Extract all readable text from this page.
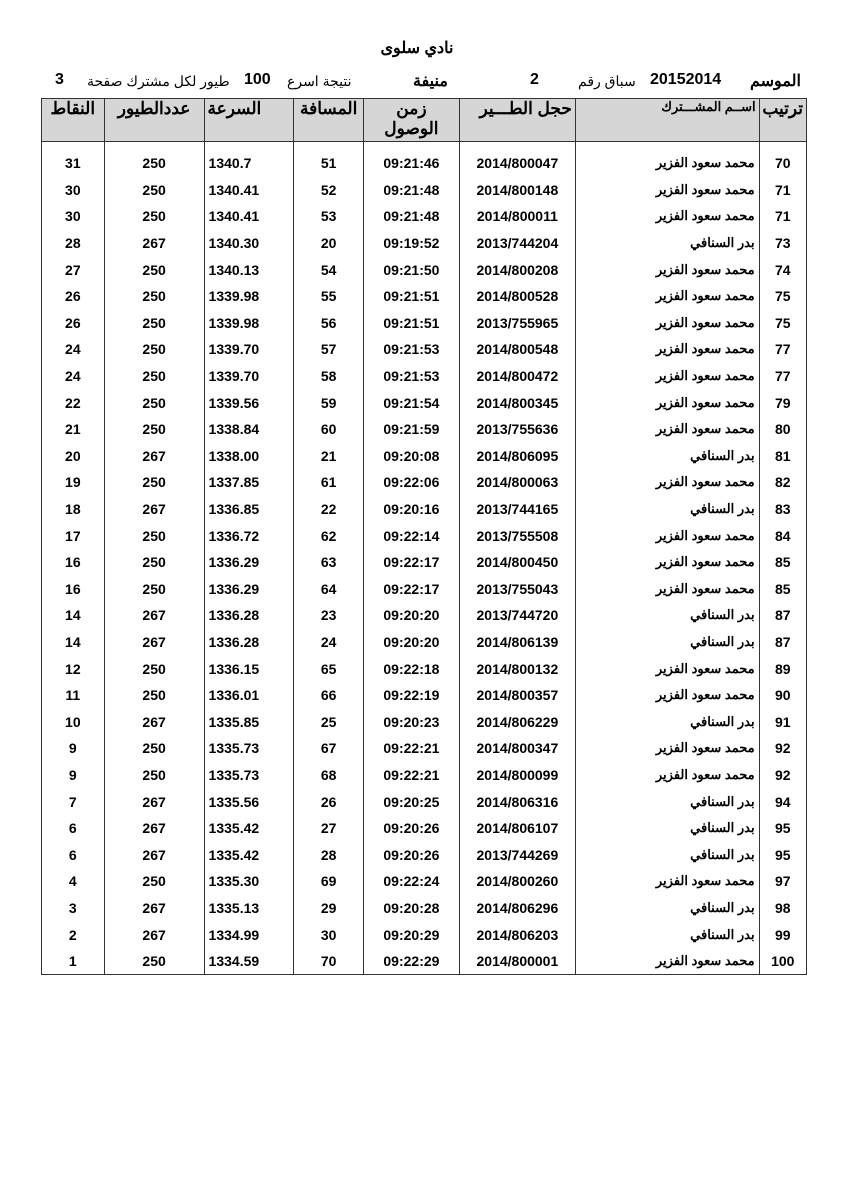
نادي سلوى
الموسم
20152014
سباق رقم
2
منيفة
نتيجة اسرع
100
طيور لكل مشترك صفحة
3
ترتيب	اســم المشـــترك	حجل الطـــير	زمن الوصول	المسافة	السرعة	عددالطيور	النقاط

70	محمد سعود الفزير	2014/800047	09:21:46	51	1340.7	250	31
71	محمد سعود الفزير	2014/800148	09:21:48	52	1340.41	250	30
71	محمد سعود الفزير	2014/800011	09:21:48	53	1340.41	250	30
73	بدر السنافي	2013/744204	09:19:52	20	1340.30	267	28
74	محمد سعود الفزير	2014/800208	09:21:50	54	1340.13	250	27
75	محمد سعود الفزير	2014/800528	09:21:51	55	1339.98	250	26
75	محمد سعود الفزير	2013/755965	09:21:51	56	1339.98	250	26
77	محمد سعود الفزير	2014/800548	09:21:53	57	1339.70	250	24
77	محمد سعود الفزير	2014/800472	09:21:53	58	1339.70	250	24
79	محمد سعود الفزير	2014/800345	09:21:54	59	1339.56	250	22
80	محمد سعود الفزير	2013/755636	09:21:59	60	1338.84	250	21
81	بدر السنافي	2014/806095	09:20:08	21	1338.00	267	20
82	محمد سعود الفزير	2014/800063	09:22:06	61	1337.85	250	19
83	بدر السنافي	2013/744165	09:20:16	22	1336.85	267	18
84	محمد سعود الفزير	2013/755508	09:22:14	62	1336.72	250	17
85	محمد سعود الفزير	2014/800450	09:22:17	63	1336.29	250	16
85	محمد سعود الفزير	2013/755043	09:22:17	64	1336.29	250	16
87	بدر السنافي	2013/744720	09:20:20	23	1336.28	267	14
87	بدر السنافي	2014/806139	09:20:20	24	1336.28	267	14
89	محمد سعود الفزير	2014/800132	09:22:18	65	1336.15	250	12
90	محمد سعود الفزير	2014/800357	09:22:19	66	1336.01	250	11
91	بدر السنافي	2014/806229	09:20:23	25	1335.85	267	10
92	محمد سعود الفزير	2014/800347	09:22:21	67	1335.73	250	9
92	محمد سعود الفزير	2014/800099	09:22:21	68	1335.73	250	9
94	بدر السنافي	2014/806316	09:20:25	26	1335.56	267	7
95	بدر السنافي	2014/806107	09:20:26	27	1335.42	267	6
95	بدر السنافي	2013/744269	09:20:26	28	1335.42	267	6
97	محمد سعود الفزير	2014/800260	09:22:24	69	1335.30	250	4
98	بدر السنافي	2014/806296	09:20:28	29	1335.13	267	3
99	بدر السنافي	2014/806203	09:20:29	30	1334.99	267	2
100	محمد سعود الفزير	2014/800001	09:22:29	70	1334.59	250	1
